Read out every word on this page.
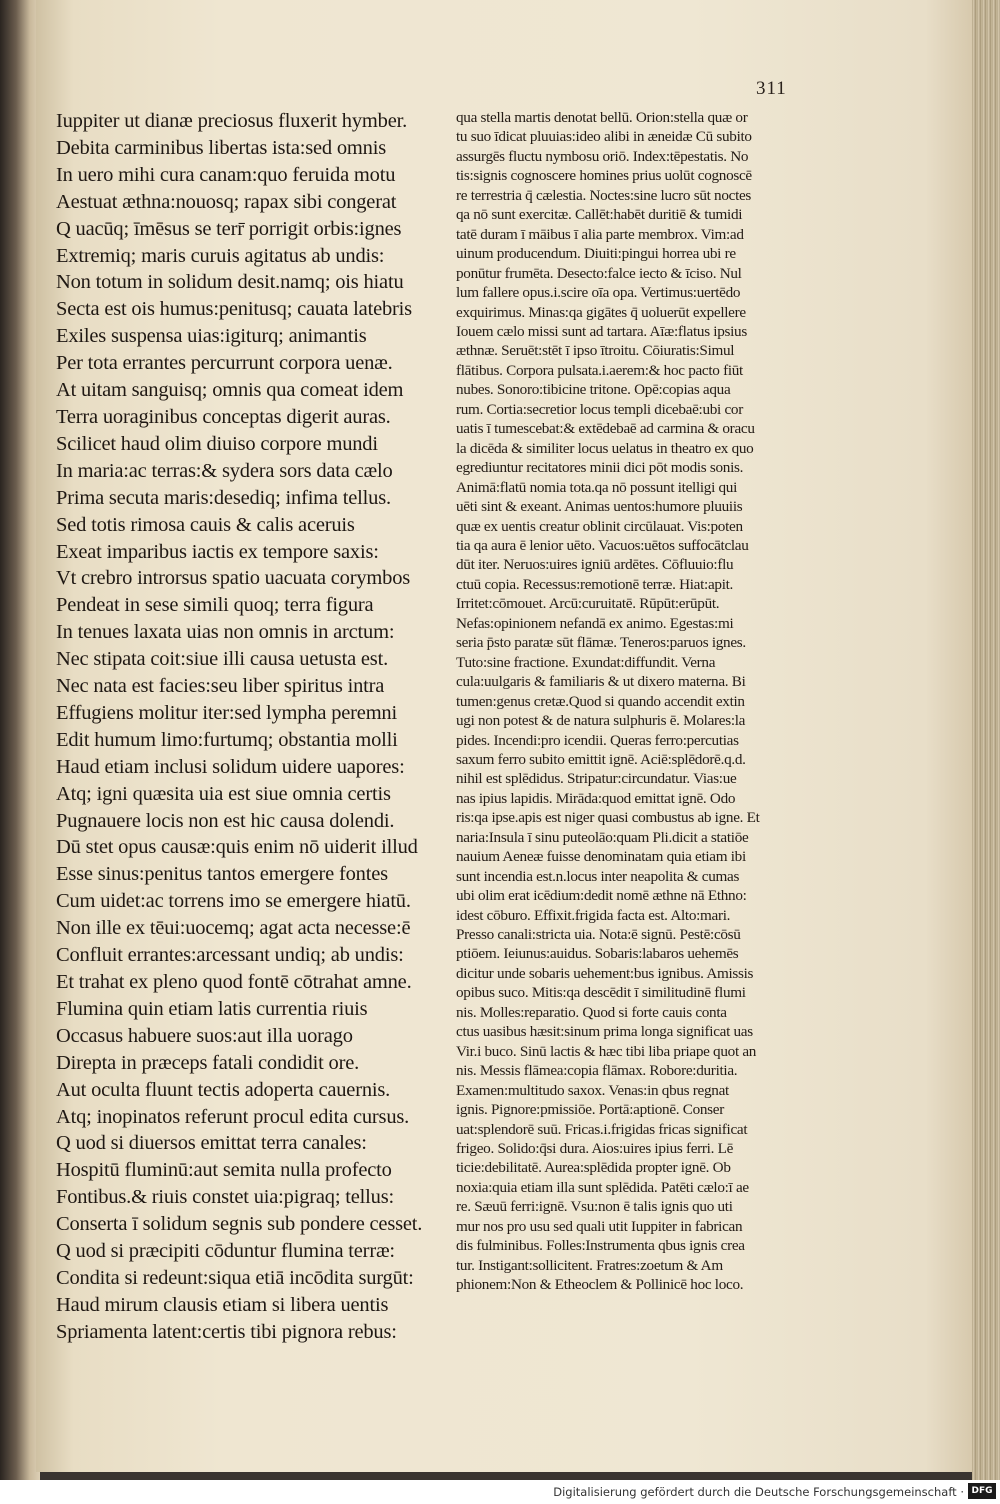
311
Iuppiter ut dianæ preciosus fluxerit hymber.
Debita carminibus libertas ista:sed omnis
In uero mihi cura canam:quo feruida motu
Aestuat æthna:nouosq; rapax sibi congerat
Q uacūq; īmēsus se terr̄ porrigit orbis:ignes
Extremiq; maris curuis agitatus ab undis:
Non totum in solidum desit.namq; ois hiatu
Secta est ois humus:penitusq; cauata latebris
Exiles suspensa uias:igiturq; animantis
Per tota errantes percurrunt corpora uenæ.
At uitam sanguisq; omnis qua comeat idem
Terra uoraginibus conceptas digerit auras.
Scilicet haud olim diuiso corpore mundi
In maria:ac terras:& sydera sors data cælo
Prima secuta maris:desediq; infima tellus.
Sed totis rimosa cauis & calis aceruis
Exeat imparibus iactis ex tempore saxis:
Vt crebro introrsus spatio uacuata corymbos
Pendeat in sese simili quoq; terra figura
In tenues laxata uias non omnis in arctum:
Nec stipata coit:siue illi causa uetusta est.
Nec nata est facies:seu liber spiritus intra
Effugiens molitur iter:sed lympha peremni
Edit humum limo:furtumq; obstantia molli
Haud etiam inclusi solidum uidere uapores:
Atq; igni quæsita uia est siue omnia certis
Pugnauere locis non est hic causa dolendi.
Dū stet opus causæ:quis enim nō uiderit illud
Esse sinus:penitus tantos emergere fontes
Cum uidet:ac torrens imo se emergere hiatū.
Non ille ex tēui:uocemq; agat acta necesse:ē
Confluit errantes:arcessant undiq; ab undis:
Et trahat ex pleno quod fontē cōtrahat amne.
Flumina quin etiam latis currentia riuis
Occasus habuere suos:aut illa uorago
Direpta in præceps fatali condidit ore.
Aut oculta fluunt tectis adoperta cauernis.
Atq; inopinatos referunt procul edita cursus.
Q uod si diuersos emittat terra canales:
Hospitū fluminū:aut semita nulla profecto
Fontibus.& riuis constet uia:pigraq; tellus:
Conserta ī solidum segnis sub pondere cesset.
Q uod si præcipiti cōduntur flumina terræ:
Condita si redeunt:siqua etiā incōdita surgūt:
Haud mirum clausis etiam si libera uentis
Spriamenta latent:certis tibi pignora rebus:
qua stella martis denotat bellū. Orion:stella quæ or
tu suo īdicat pluuias:ideo alibi in æneidæ Cū subito
assurgēs fluctu nymbosu oriō. Index:tēpestatis. No
tis:signis cognoscere homines prius uolūt cognoscē
re terrestria q̄ cælestia. Noctes:sine lucro sūt noctes
qa nō sunt exercitæ. Callēt:habēt duritiē & tumidi
tatē duram ī māibus ī alia parte membrox. Vim:ad
uinum producendum. Diuiti:pingui horrea ubi re
ponūtur frumēta. Desecto:falce iecto & īciso. Nul
lum fallere opus.i.scire oīa opa. Vertimus:uertēdo
exquirimus. Minas:qa gigātes q̄ uoluerūt expellere
Iouem cælo missi sunt ad tartara. Aīæ:flatus ipsius
æthnæ. Seruēt:stēt ī ipso ītroitu. Cōiuratis:Simul
flātibus. Corpora pulsata.i.aerem:& hoc pacto fiūt
nubes. Sonoro:tibicine tritone. Opē:copias aqua
rum. Cortia:secretior locus templi dicebaē:ubi cor
uatis ī tumescebat:& extēdebaē ad carmina & oracu
la dicēda & similiter locus uelatus in theatro ex quo
egrediuntur recitatores minii dici pōt modis sonis.
Animā:flatū nomia tota.qa nō possunt itelligi qui
uēti sint & exeant. Animas uentos:humore pluuiis
quæ ex uentis creatur oblinit circūlauat. Vis:poten
tia qa aura ē lenior uēto. Vacuos:uētos suffocātclau
dūt iter. Neruos:uires igniū ardētes. Cōfluuio:flu
ctuū copia. Recessus:remotionē terræ. Hiat:apit.
Irritet:cōmouet. Arcū:curuitatē. Rūpūt:erūpūt.
Nefas:opinionem nefandā ex animo. Egestas:mi
seria p̄sto paratæ sūt flāmæ. Teneros:paruos ignes.
Tuto:sine fractione. Exundat:diffundit. Verna
cula:uulgaris & familiaris & ut dixero materna. Bi
tumen:genus cretæ.Quod si quando accendit extin
ugi non potest & de natura sulphuris ē. Molares:la
pides. Incendi:pro icendii. Queras ferro:percutias
saxum ferro subito emittit ignē. Aciē:splēdorē.q.d.
nihil est splēdidus. Stripatur:circundatur. Vias:ue
nas ipius lapidis. Mirāda:quod emittat ignē. Odo
ris:qa ipse.apis est niger quasi combustus ab igne. Et
naria:Insula ī sinu puteolāo:quam Pli.dicit a statiōe
nauium Aeneæ fuisse denominatam quia etiam ibi
sunt incendia est.n.locus inter neapolita & cumas
ubi olim erat icēdium:dedit nomē æthne nā Ethno:
idest cōburo. Effixit.frigida facta est. Alto:mari.
Presso canali:stricta uia. Nota:ē signū. Pestē:cōsū
ptiōem. Ieiunus:auidus. Sobaris:labaros uehemēs
dicitur unde sobaris uehement:bus ignibus. Amissis
opibus suco. Mitis:qa descēdit ī similitudinē flumi
nis. Molles:reparatio. Quod si forte cauis conta
ctus uasibus hæsit:sinum prima longa significat uas
Vir.i buco. Sinū lactis & hæc tibi liba priape quot an
nis. Messis flāmea:copia flāmax. Robore:duritia.
Examen:multitudo saxox. Venas:in qbus regnat
ignis. Pignore:pmissiōe. Portā:aptionē. Conser
uat:splendorē suū. Fricas.i.frigidas fricas significat
frigeo. Solido:q̄si dura. Aios:uires ipius ferri. Lē
ticie:debilitatē. Aurea:splēdida propter ignē. Ob
noxia:quia etiam illa sunt splēdida. Patēti cælo:ī ae
re. Sæuū ferri:ignē. Vsu:non ē talis ignis quo uti
mur nos pro usu sed quali utit Iuppiter in fabrican
dis fulminibus. Folles:Instrumenta qbus ignis crea
tur. Instigant:sollicitent. Fratres:zoetum & Am
phionem:Non & Etheoclem & Pollinicē hoc loco.
Digitalisierung gefördert durch die Deutsche Forschungsgemeinschaft · DFG
